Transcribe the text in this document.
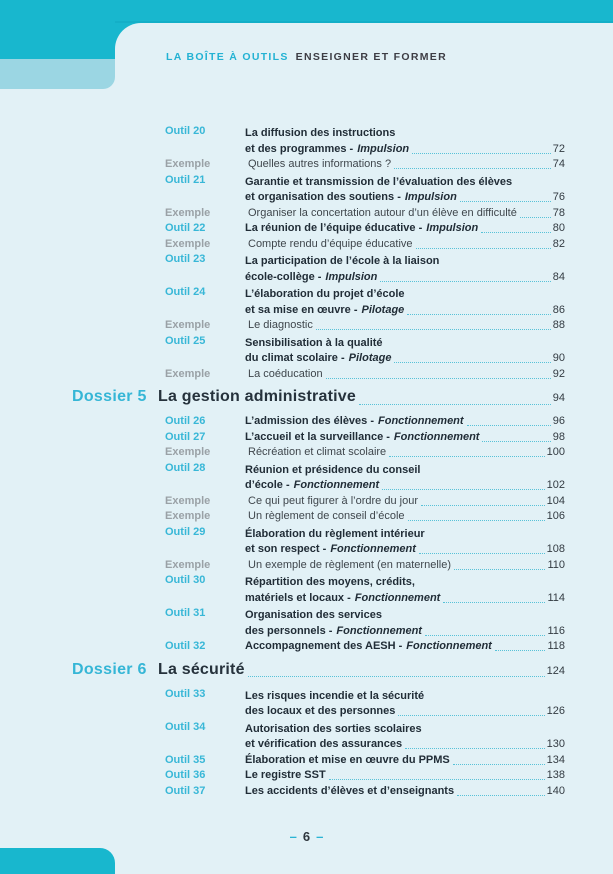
LA BOÎTE À OUTILS ENSEIGNER ET FORMER
Outil 20	La diffusion des instructions
et des programmes - Impulsion	72
Exemple	Quelles autres informations ?	74
Outil 21	Garantie et transmission de l’évaluation des élèves
et organisation des soutiens - Impulsion	76
Exemple	Organiser la concertation autour d’un élève en difficulté	78
Outil 22	La réunion de l’équipe éducative - Impulsion	80
Exemple	Compte rendu d’équipe éducative	82
Outil 23	La participation de l’école à la liaison
école-collège - Impulsion	84
Outil 24	L’élaboration du projet d’école
et sa mise en œuvre - Pilotage	86
Exemple	Le diagnostic	88
Outil 25	Sensibilisation à la qualité
du climat scolaire - Pilotage	90
Exemple	La coéducation	92
Dossier 5 La gestion administrative	94
Outil 26	L’admission des élèves - Fonctionnement	96
Outil 27	L’accueil et la surveillance - Fonctionnement	98
Exemple	Récréation et climat scolaire	100
Outil 28	Réunion et présidence du conseil
d’école - Fonctionnement	102
Exemple	Ce qui peut figurer à l’ordre du jour	104
Exemple	Un règlement de conseil d’école	106
Outil 29	Élaboration du règlement intérieur
et son respect - Fonctionnement	108
Exemple	Un exemple de règlement (en maternelle)	110
Outil 30	Répartition des moyens, crédits,
matériels et locaux - Fonctionnement	114
Outil 31	Organisation des services
des personnels - Fonctionnement	116
Outil 32	Accompagnement des AESH - Fonctionnement	118
Dossier 6 La sécurité	124
Outil 33	Les risques incendie et la sécurité
des locaux et des personnes	126
Outil 34	Autorisation des sorties scolaires
et vérification des assurances	130
Outil 35	Élaboration et mise en œuvre du PPMS	134
Outil 36	Le registre SST	138
Outil 37	Les accidents d’élèves et d’enseignants	140
– 6 –
